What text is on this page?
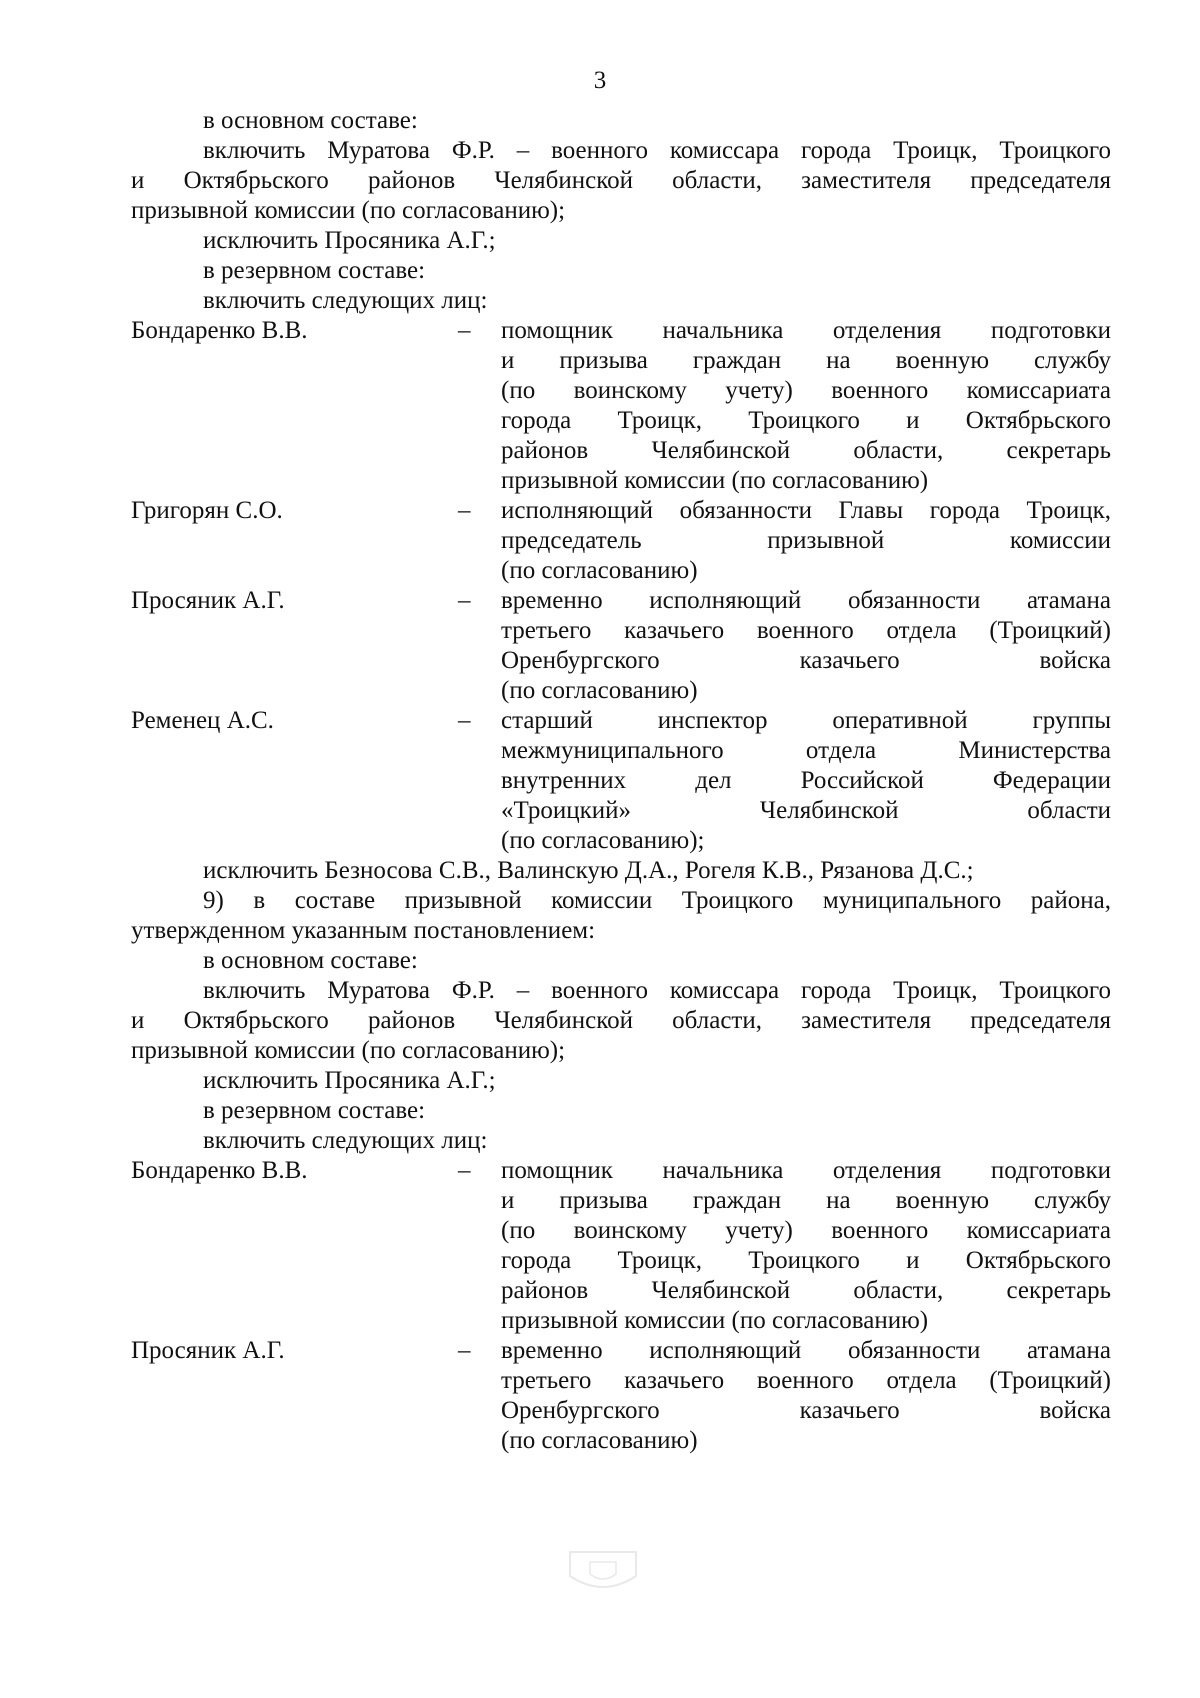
3

в основном составе:

включить Муратова Ф.Р. – военного комиссара города Троицк, Троицкого
и Октябрьского районов Челябинской области, заместителя председателя
призывной комиссии (по согласованию);

исключить Просяника А.Г.;

в резервном составе:

включить следующих лиц:

Бондаренко В.В.	– помощник начальника отделения подготовки
и призыва граждан на военную службу
(по воинскому учету) военного комиссариата
города Троицк, Троицкого и Октябрьского
районов Челябинской области, секретарь
призывной комиссии (по согласованию)
Григорян С.О.	– исполняющий обязанности Главы города Троицк,
председатель призывной комиссии
(по согласованию)
Просяник А.Г.	– временно исполняющий обязанности атамана
третьего казачьего военного отдела (Троицкий)
Оренбургского казачьего войска
(по согласованию)
Ременец А.С.	– старший инспектор оперативной группы
межмуниципального отдела Министерства
внутренних дел Российской Федерации
«Троицкий» Челябинской области
(по согласованию);

исключить Безносова С.В., Валинскую Д.А., Рогеля К.В., Рязанова Д.С.;

9) в составе призывной комиссии Троицкого муниципального района,
утвержденном указанным постановлением:

в основном составе:

включить Муратова Ф.Р. – военного комиссара города Троицк, Троицкого
и Октябрьского районов Челябинской области, заместителя председателя
призывной комиссии (по согласованию);

исключить Просяника А.Г.;

в резервном составе:

включить следующих лиц:

Бондаренко В.В.	– помощник начальника отделения подготовки
и призыва граждан на военную службу
(по воинскому учету) военного комиссариата
города Троицк, Троицкого и Октябрьского
районов Челябинской области, секретарь
призывной комиссии (по согласованию)
Просяник А.Г.	– временно исполняющий обязанности атамана
третьего казачьего военного отдела (Троицкий)
Оренбургского казачьего войска
(по согласованию)
